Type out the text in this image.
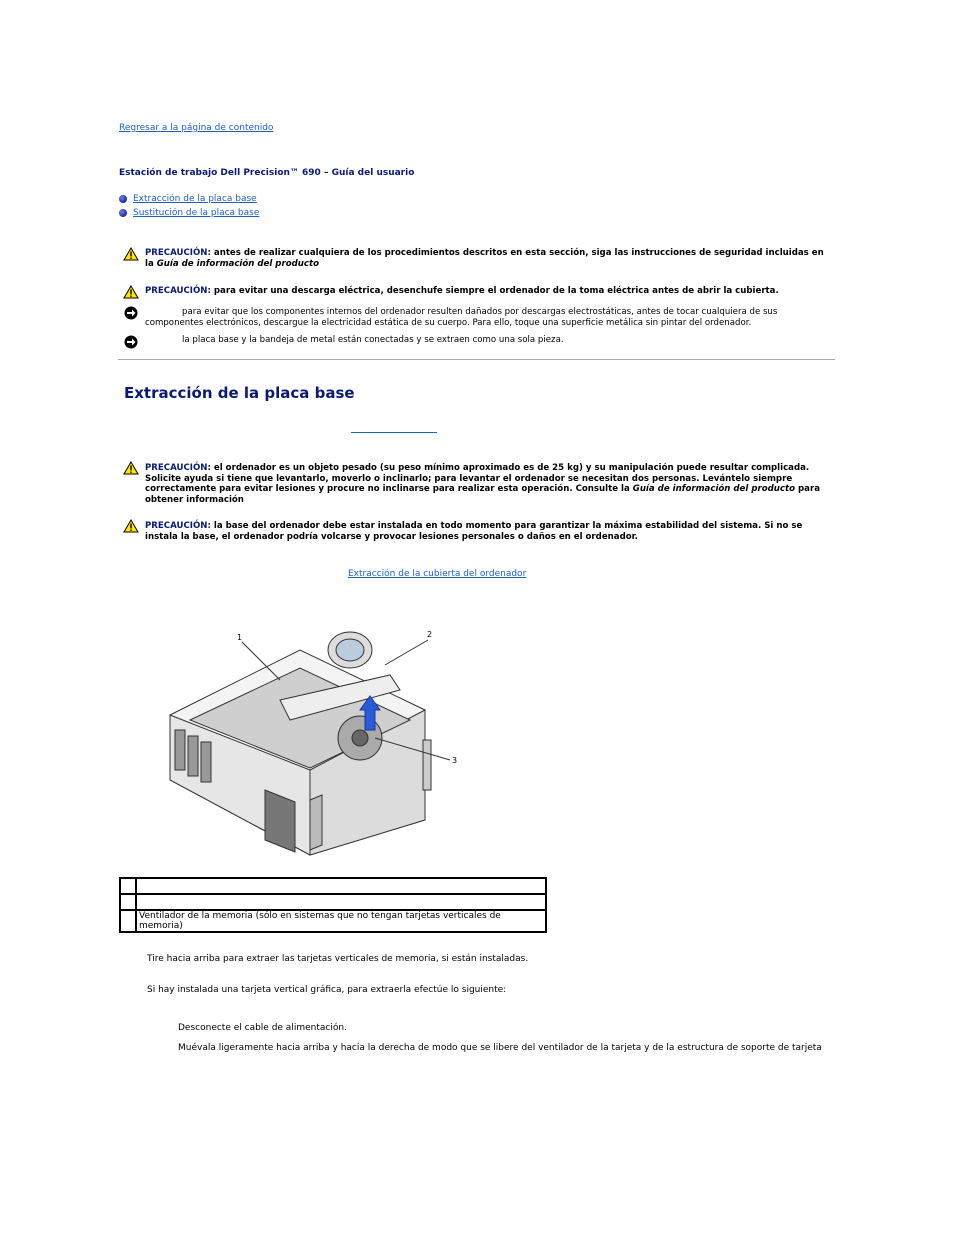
Regresar a la página de contenido
Estación de trabajo Dell Precision™ 690 – Guía del usuario
Extracción de la placa base
Sustitución de la placa base
PRECAUCIÓN: antes de realizar cualquiera de los procedimientos descritos en esta sección, siga las instrucciones de seguridad incluidas en la Guía de información del producto
PRECAUCIÓN: para evitar una descarga eléctrica, desenchufe siempre el ordenador de la toma eléctrica antes de abrir la cubierta.
para evitar que los componentes internos del ordenador resulten dañados por descargas electrostáticas, antes de tocar cualquiera de sus componentes electrónicos, descargue la electricidad estática de su cuerpo. Para ello, toque una superficie metálica sin pintar del ordenador.
la placa base y la bandeja de metal están conectadas y se extraen como una sola pieza.
Extracción de la placa base
PRECAUCIÓN: el ordenador es un objeto pesado (su peso mínimo aproximado es de 25 kg) y su manipulación puede resultar complicada. Solicite ayuda si tiene que levantarlo, moverlo o inclinarlo; para levantar el ordenador se necesitan dos personas. Levántelo siempre correctamente para evitar lesiones y procure no inclinarse para realizar esta operación. Consulte la Guía de información del producto para obtener información
PRECAUCIÓN: la base del ordenador debe estar instalada en todo momento para garantizar la máxima estabilidad del sistema. Si no se instala la base, el ordenador podría volcarse y provocar lesiones personales o daños en el ordenador.
Extracción de la cubierta del ordenador
1	2
3

	Ventilador de la memoria (sólo en sistemas que no tengan tarjetas verticales de memoria)
Tire hacia arriba para extraer las tarjetas verticales de memoria, si están instaladas.
Si hay instalada una tarjeta vertical gráfica, para extraerla efectúe lo siguiente:
Desconecte el cable de alimentación.
Muévala ligeramente hacia arriba y hacia la derecha de modo que se libere del ventilador de la tarjeta y de la estructura de soporte de tarjeta
